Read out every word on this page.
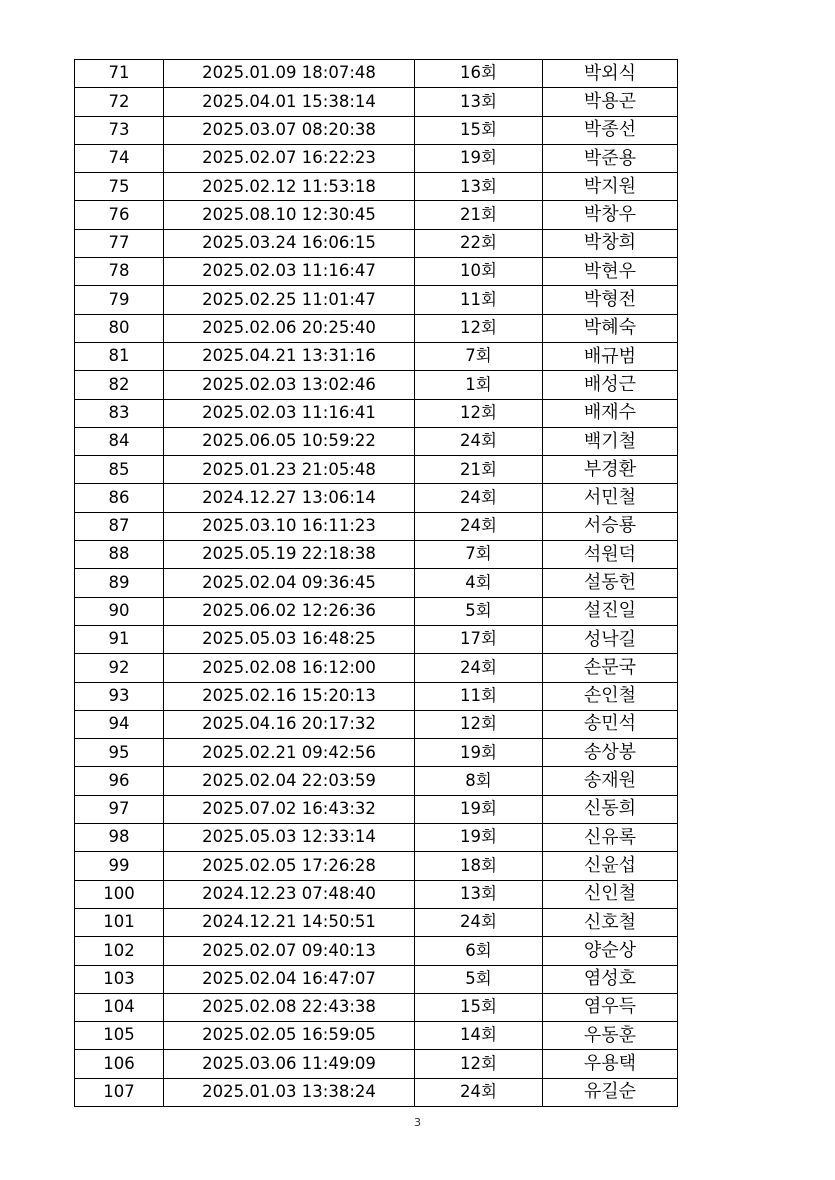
71	2025.01.09 18:07:48	16회	박외식
72	2025.04.01 15:38:14	13회	박용곤
73	2025.03.07 08:20:38	15회	박종선
74	2025.02.07 16:22:23	19회	박준용
75	2025.02.12 11:53:18	13회	박지원
76	2025.08.10 12:30:45	21회	박창우
77	2025.03.24 16:06:15	22회	박창희
78	2025.02.03 11:16:47	10회	박현우
79	2025.02.25 11:01:47	11회	박형전
80	2025.02.06 20:25:40	12회	박혜숙
81	2025.04.21 13:31:16	7회	배규범
82	2025.02.03 13:02:46	1회	배성근
83	2025.02.03 11:16:41	12회	배재수
84	2025.06.05 10:59:22	24회	백기철
85	2025.01.23 21:05:48	21회	부경환
86	2024.12.27 13:06:14	24회	서민철
87	2025.03.10 16:11:23	24회	서승룡
88	2025.05.19 22:18:38	7회	석원덕
89	2025.02.04 09:36:45	4회	설동헌
90	2025.06.02 12:26:36	5회	설진일
91	2025.05.03 16:48:25	17회	성낙길
92	2025.02.08 16:12:00	24회	손문국
93	2025.02.16 15:20:13	11회	손인철
94	2025.04.16 20:17:32	12회	송민석
95	2025.02.21 09:42:56	19회	송상봉
96	2025.02.04 22:03:59	8회	송재원
97	2025.07.02 16:43:32	19회	신동희
98	2025.05.03 12:33:14	19회	신유록
99	2025.02.05 17:26:28	18회	신윤섭
100	2024.12.23 07:48:40	13회	신인철
101	2024.12.21 14:50:51	24회	신호철
102	2025.02.07 09:40:13	6회	양순상
103	2025.02.04 16:47:07	5회	염성호
104	2025.02.08 22:43:38	15회	염우득
105	2025.02.05 16:59:05	14회	우동훈
106	2025.03.06 11:49:09	12회	우용택
107	2025.01.03 13:38:24	24회	유길순
3
